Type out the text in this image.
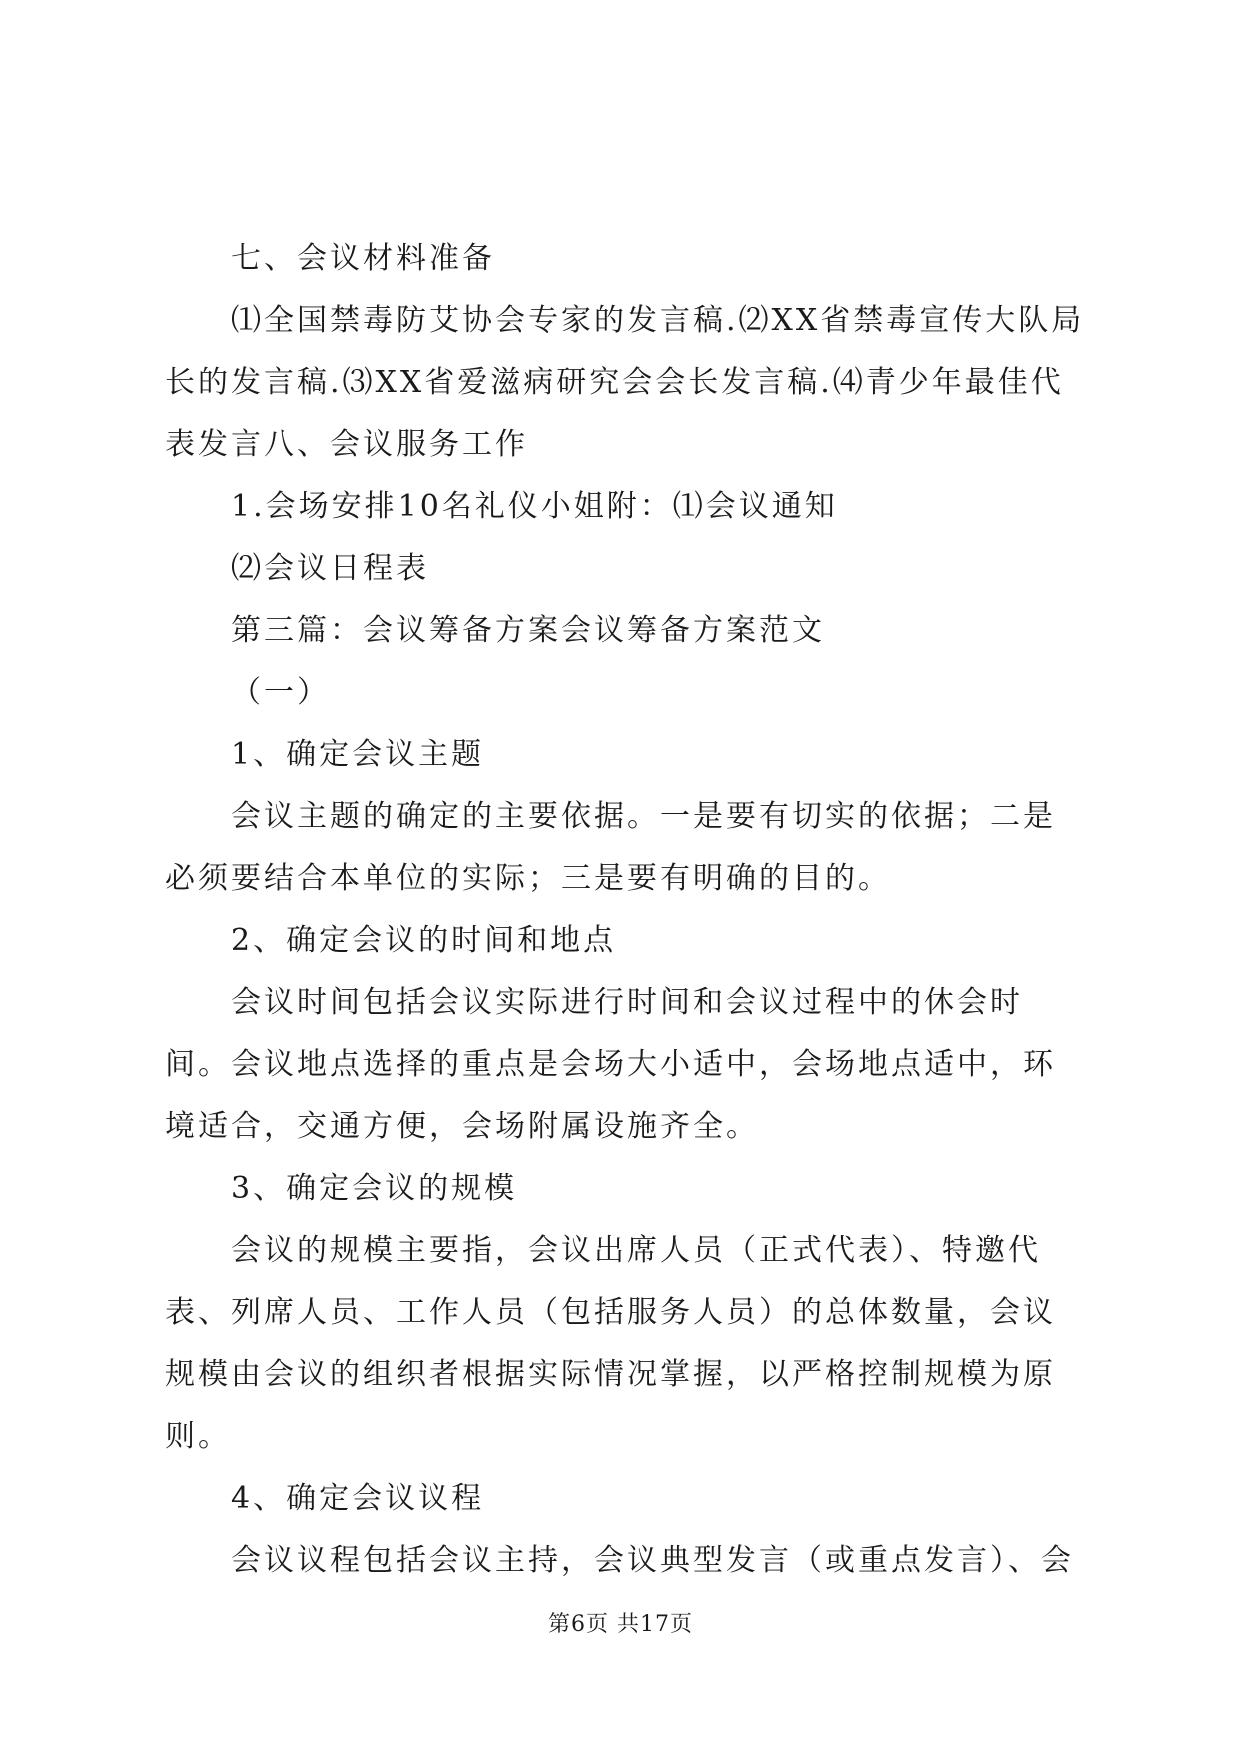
七、会议材料准备

⑴全国禁毒防艾协会专家的发言稿.⑵XX省禁毒宣传大队局长的发言稿.⑶XX省爱滋病研究会会长发言稿.⑷青少年最佳代表发言八、会议服务工作

1.会场安排10名礼仪小姐附：⑴会议通知

⑵会议日程表

第三篇：会议筹备方案会议筹备方案范文

（一）

1、确定会议主题

会议主题的确定的主要依据。一是要有切实的依据；二是必须要结合本单位的实际；三是要有明确的目的。

2、确定会议的时间和地点

会议时间包括会议实际进行时间和会议过程中的休会时间。会议地点选择的重点是会场大小适中，会场地点适中，环境适合，交通方便，会场附属设施齐全。

3、确定会议的规模

会议的规模主要指，会议出席人员（正式代表）、特邀代表、列席人员、工作人员（包括服务人员）的总体数量，会议规模由会议的组织者根据实际情况掌握，以严格控制规模为原则。

4、确定会议议程

会议议程包括会议主持，会议典型发言（或重点发言）、会

第6页 共17页
